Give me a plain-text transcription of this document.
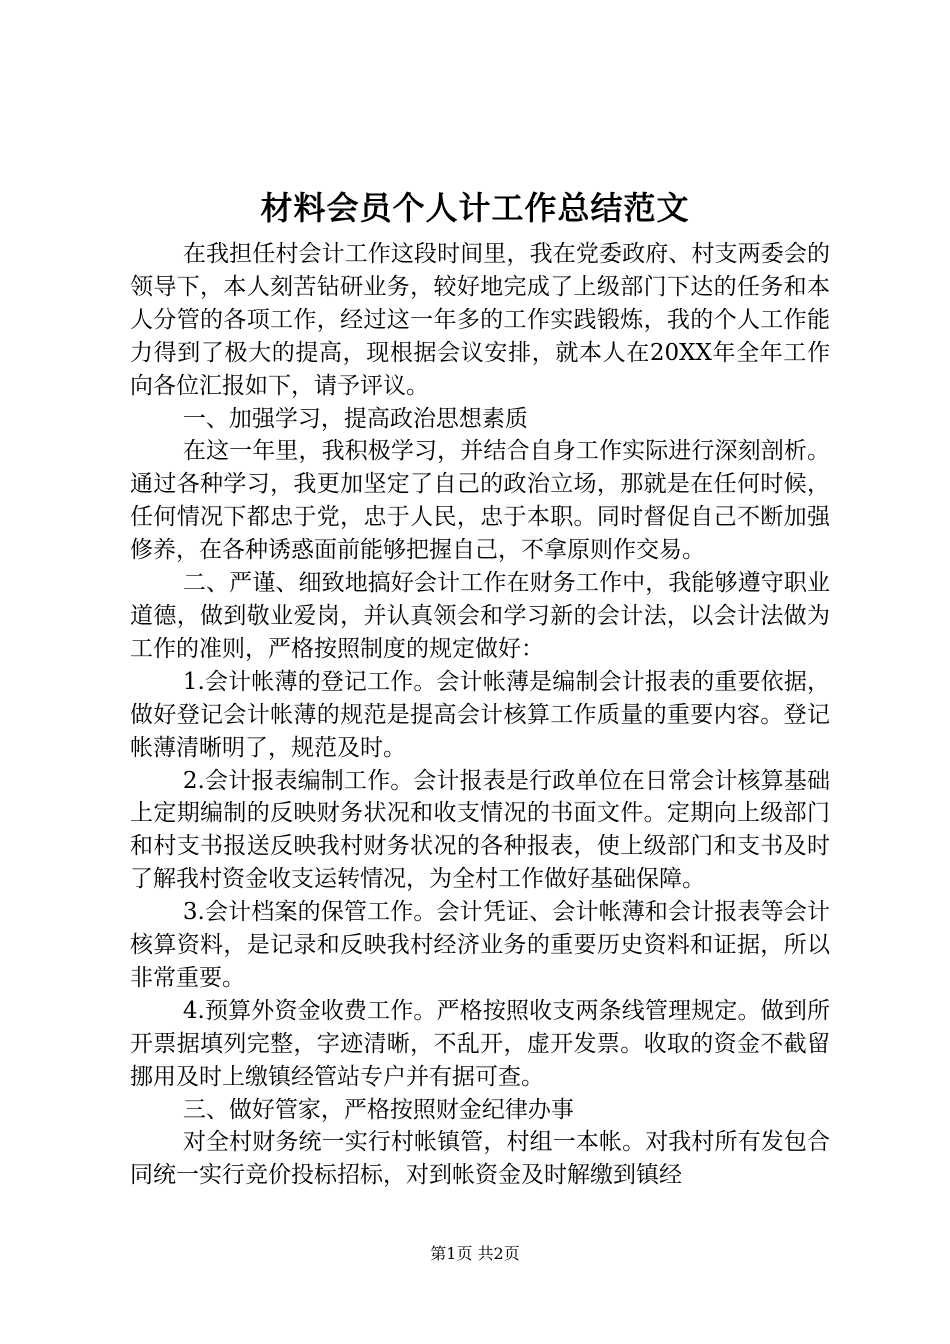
材料会员个人计工作总结范文

在我担任村会计工作这段时间里，我在党委政府、村支两委会的领导下，本人刻苦钻研业务，较好地完成了上级部门下达的任务和本人分管的各项工作，经过这一年多的工作实践锻炼，我的个人工作能力得到了极大的提高，现根据会议安排，就本人在20XX年全年工作向各位汇报如下，请予评议。

一、加强学习，提高政治思想素质

在这一年里，我积极学习，并结合自身工作实际进行深刻剖析。通过各种学习，我更加坚定了自己的政治立场，那就是在任何时候，任何情况下都忠于党，忠于人民，忠于本职。同时督促自己不断加强修养，在各种诱惑面前能够把握自己，不拿原则作交易。

二、严谨、细致地搞好会计工作在财务工作中，我能够遵守职业道德，做到敬业爱岗，并认真领会和学习新的会计法，以会计法做为工作的准则，严格按照制度的规定做好：

1.会计帐薄的登记工作。会计帐薄是编制会计报表的重要依据，做好登记会计帐薄的规范是提高会计核算工作质量的重要内容。登记帐薄清晰明了，规范及时。

2.会计报表编制工作。会计报表是行政单位在日常会计核算基础上定期编制的反映财务状况和收支情况的书面文件。定期向上级部门和村支书报送反映我村财务状况的各种报表，使上级部门和支书及时了解我村资金收支运转情况，为全村工作做好基础保障。

3.会计档案的保管工作。会计凭证、会计帐薄和会计报表等会计核算资料，是记录和反映我村经济业务的重要历史资料和证据，所以非常重要。

4.预算外资金收费工作。严格按照收支两条线管理规定。做到所开票据填列完整，字迹清晰，不乱开，虚开发票。收取的资金不截留挪用及时上缴镇经管站专户并有据可查。

三、做好管家，严格按照财金纪律办事

对全村财务统一实行村帐镇管，村组一本帐。对我村所有发包合同统一实行竞价投标招标，对到帐资金及时解缴到镇经

第1页 共2页
